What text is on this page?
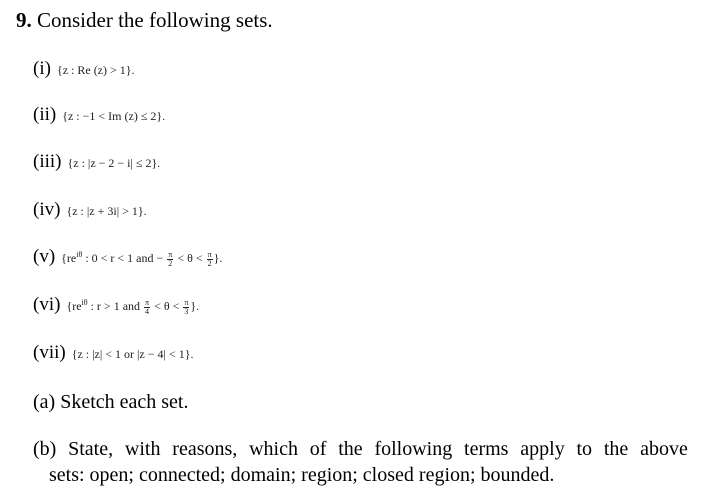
9. Consider the following sets.
(i) {z : Re (z) > 1}.
(ii) {z : −1 < Im (z) ≤ 2}.
(iii) {z : |z − 2 − i| ≤ 2}.
(iv) {z : |z + 3i| > 1}.
(v) {$re^{i\theta}$ : 0 < r < 1 and − $\frac{\pi}{2} < \theta < \frac{\pi}{2}$ }.
(vi) {$re^{i\theta}$ : r > 1 and $\frac{\pi}{4} < \theta < \frac{\pi}{3}$ }.
(vii) {z : |z| < 1 or |z − 4| < 1}.
(a) Sketch each set.
(b) State, with reasons, which of the following terms apply to the above
sets: open; connected; domain; region; closed region; bounded.
